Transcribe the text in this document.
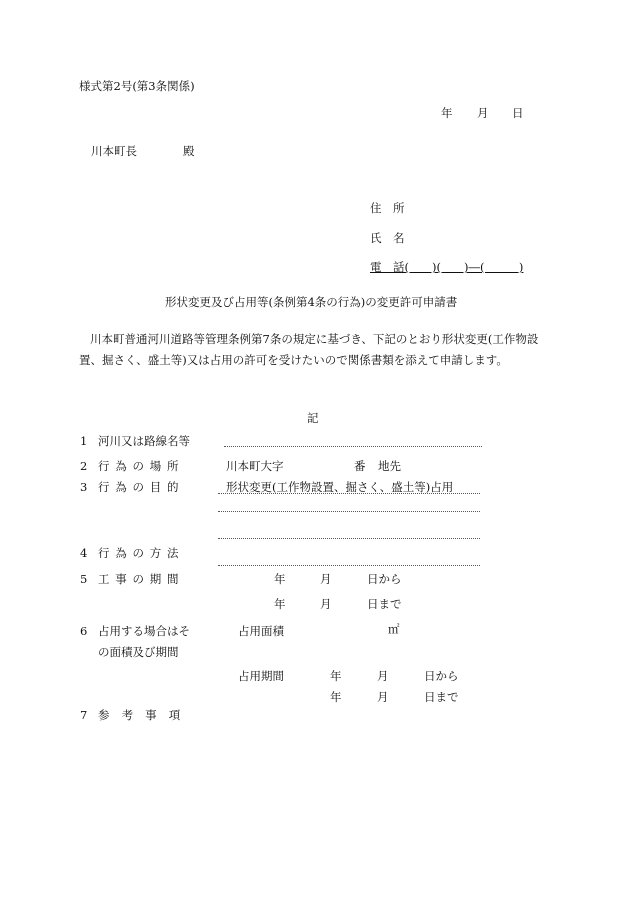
様式第2号(第3条関係)
年 月 日
川本町長	殿
住　所
氏　名
電　話(　　)(　　)―(　　　)
形状変更及び占用等(条例第4条の行為)の変更許可申請書
川本町普通河川道路等管理条例第7条の規定に基づき、下記のとおり形状変更(工作物設
置、掘さく、盛土等)又は占用の許可を受けたいので関係書類を添えて申請します。
記
1 河川又は路線名等
2 行為の場所	川本町大字	番 地先
3 行為の目的	形状変更(工作物設置、掘さく、盛土等)占用
4 行為の方法
5 工事の期間	年	月	日から
年	月	日まで
6 占用する場合はそ
の面積及び期間
占用面積	㎡
占用期間	年	月	日から
年	月	日まで
7 参考事項
